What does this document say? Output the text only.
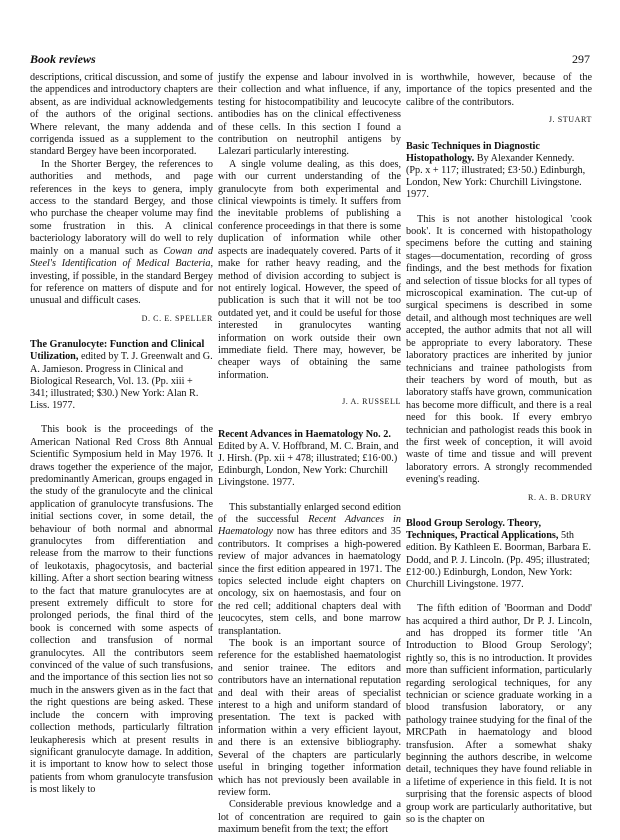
Book reviews	297

descriptions, critical discussion, and some of the appendices and introductory chapters are absent, as are individual acknowledgements of the authors of the original sections. Where relevant, the many addenda and corrigenda issued as a supplement to the standard Bergey have been incorporated.

In the Shorter Bergey, the references to authorities and methods, and page references in the keys to genera, imply access to the standard Bergey, and those who purchase the cheaper volume may find some frustration in this. A clinical bacteriology laboratory will do well to rely mainly on a manual such as Cowan and Steel's Identification of Medical Bacteria, investing, if possible, in the standard Bergey for reference on matters of dispute and for unusual and difficult cases.

D. C. E. SPELLER

The Granulocyte: Function and Clinical Utilization, edited by T. J. Greenwalt and G. A. Jamieson. Progress in Clinical and Biological Research, Vol. 13. (Pp. xiii + 341; illustrated; $30.) New York: Alan R. Liss. 1977.

This book is the proceedings of the American National Red Cross 8th Annual Scientific Symposium held in May 1976. It draws together the experience of the major, predominantly American, groups engaged in the study of the granulocyte and the clinical application of granulocyte transfusions. The initial sections cover, in some detail, the behaviour of both normal and abnormal granulocytes from differentiation and release from the marrow to their functions of leukotaxis, phagocytosis, and bacterial killing. After a short section bearing witness to the fact that mature granulocytes are at present extremely difficult to store for prolonged periods, the final third of the book is concerned with some aspects of collection and transfusion of normal granulocytes. All the contributors seem convinced of the value of such transfusions, and the importance of this section lies not so much in the answers given as in the fact that the right questions are being asked. These include the concern with improving collection methods, particularly filtration leukapheresis which at present results in significant granulocyte damage. In addition, it is important to know how to select those patients from whom granulocyte transfusion is most likely to

justify the expense and labour involved in their collection and what influence, if any, testing for histocompatibility and leucocyte antibodies has on the clinical effectiveness of these cells. In this section I found a contribution on neutrophil antigens by Lalezari particularly interesting.

A single volume dealing, as this does, with our current understanding of the granulocyte from both experimental and clinical viewpoints is timely. It suffers from the inevitable problems of publishing a conference proceedings in that there is some duplication of information while other aspects are inadequately covered. Parts of it make for rather heavy reading, and the method of division according to subject is not entirely logical. However, the speed of publication is such that it will not be too outdated yet, and it could be useful for those interested in granulocytes wanting information on work outside their own immediate field. There may, however, be cheaper ways of obtaining the same information.

J. A. RUSSELL

Recent Advances in Haematology No. 2. Edited by A. V. Hoffbrand, M. C. Brain, and J. Hirsh. (Pp. xii + 478; illustrated; £16·00.) Edinburgh, London, New York: Churchill Livingstone. 1977.

This substantially enlarged second edition of the successful Recent Advances in Haematology now has three editors and 35 contributors. It comprises a high-powered review of major advances in haematology since the first edition appeared in 1971. The topics selected include eight chapters on oncology, six on haemostasis, and four on the red cell; additional chapters deal with leucocytes, stem cells, and bone marrow transplantation.

The book is an important source of reference for the established haematologist and senior trainee. The editors and contributors have an international reputation and deal with their areas of specialist interest to a high and uniform standard of presentation. The text is packed with information within a very efficient layout, and there is an extensive bibliography. Several of the chapters are particularly useful in bringing together information which has not previously been available in review form.

Considerable previous knowledge and a lot of concentration are required to gain maximum benefit from the text; the effort

is worthwhile, however, because of the importance of the topics presented and the calibre of the contributors.

J. STUART

Basic Techniques in Diagnostic Histopathology. By Alexander Kennedy. (Pp. x + 117; illustrated; £3·50.) Edinburgh, London, New York: Churchill Livingstone. 1977.

This is not another histological 'cook book'. It is concerned with histopathology specimens before the cutting and staining stages—documentation, recording of gross findings, and the best methods for fixation and selection of tissue blocks for all types of microscopical examination. The cut-up of surgical specimens is described in some detail, and although most techniques are well accepted, the author admits that not all will be appropriate to every laboratory. These laboratory practices are inherited by junior technicians and trainee pathologists from their teachers by word of mouth, but as laboratory staffs have grown, communication has become more difficult, and there is a real need for this book. If every embryo technician and pathologist reads this book in the first week of conception, it will avoid waste of time and tissue and will prevent laboratory errors. A strongly recommended evening's reading.

R. A. B. DRURY

Blood Group Serology. Theory, Techniques, Practical Applications, 5th edition. By Kathleen E. Boorman, Barbara E. Dodd, and P. J. Lincoln. (Pp. 495; illustrated; £12·00.) Edinburgh, London, New York: Churchill Livingstone. 1977.

The fifth edition of 'Boorman and Dodd' has acquired a third author, Dr P. J. Lincoln, and has dropped its former title 'An Introduction to Blood Group Serology'; rightly so, this is no introduction. It provides more than sufficient information, particularly regarding serological techniques, for any technician or science graduate working in a blood transfusion laboratory, or any pathology trainee studying for the final of the MRCPath in haematology and blood transfusion. After a somewhat shaky beginning the authors describe, in welcome detail, techniques they have found reliable in a lifetime of experience in this field. It is not surprising that the forensic aspects of blood group work are particularly authoritative, but so is the chapter on
